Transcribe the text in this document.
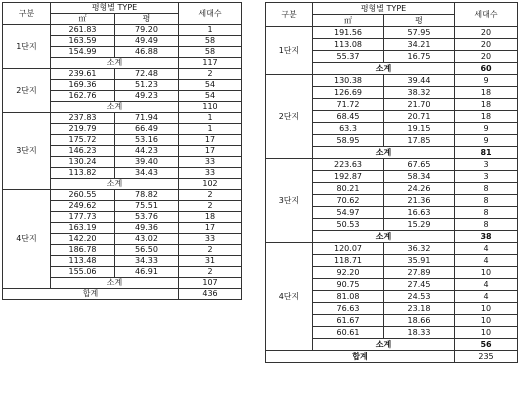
구분	평형별 TYPE		세대수
	㎡	평	
1단지	261.83	79.20	1
	163.59	49.49	58
	154.99	46.88	58
	소계		117
2단지	239.61	72.48	2
	169.36	51.23	54
	162.76	49.23	54
	소계		110
3단지	237.83	71.94	1
	219.79	66.49	1
	175.72	53.16	17
	146.23	44.23	17
	130.24	39.40	33
	113.82	34.43	33
	소계		102
4단지	260.55	78.82	2
	249.62	75.51	2
	177.73	53.76	18
	163.19	49.36	17
	142.20	43.02	33
	186.78	56.50	2
	113.48	34.33	31
	155.06	46.91	2
	소계		107
합계			436
구분	평형별 TYPE		세대수
	㎡	평	
1단지	191.56	57.95	20
	113.08	34.21	20
	55.37	16.75	20
	소계		60
2단지	130.38	39.44	9
	126.69	38.32	18
	71.72	21.70	18
	68.45	20.71	18
	63.3	19.15	9
	58.95	17.85	9
	소계		81
3단지	223.63	67.65	3
	192.87	58.34	3
	80.21	24.26	8
	70.62	21.36	8
	54.97	16.63	8
	50.53	15.29	8
	소계		38
4단지	120.07	36.32	4
	118.71	35.91	4
	92.20	27.89	10
	90.75	27.45	4
	81.08	24.53	4
	76.63	23.18	10
	61.67	18.66	10
	60.61	18.33	10
	소계		56
합계			235
